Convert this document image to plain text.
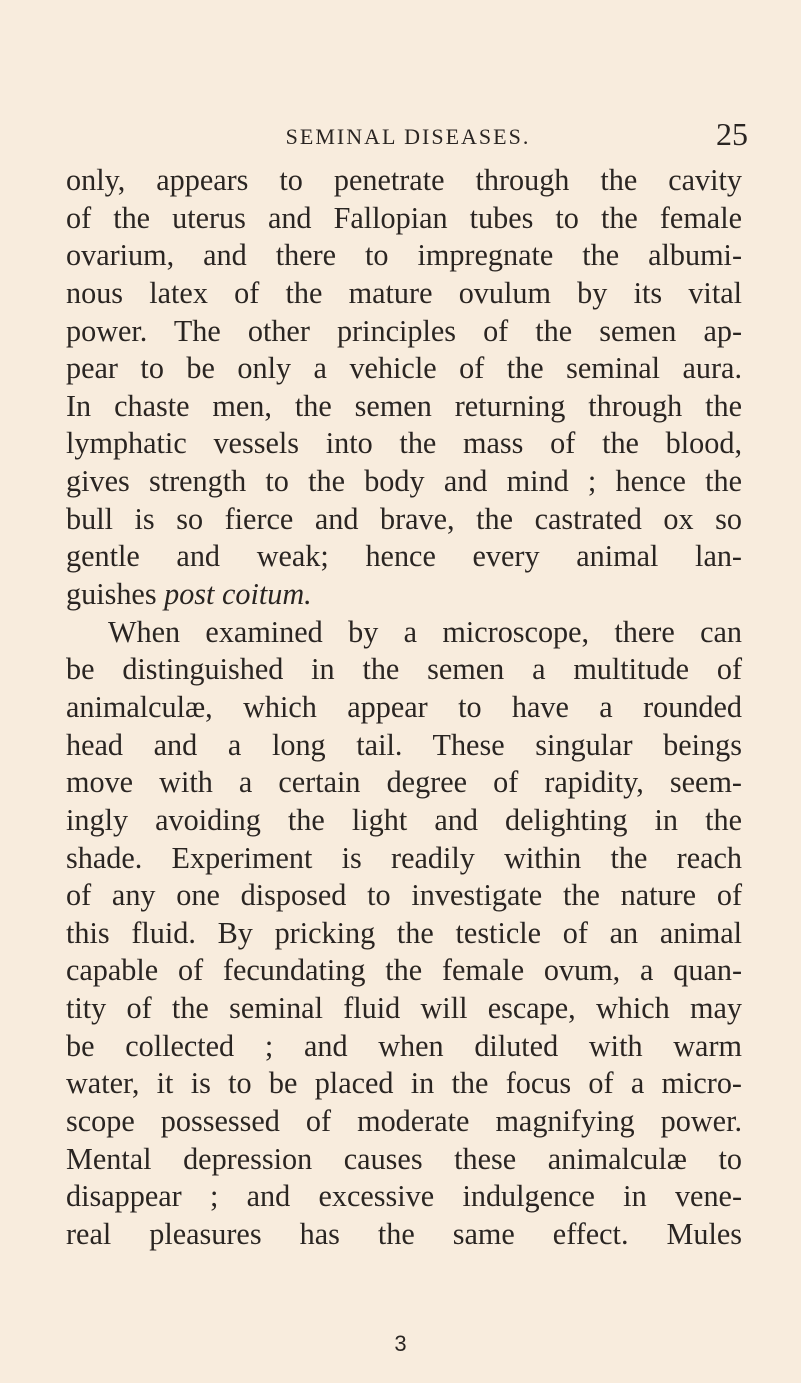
SEMINAL DISEASES.	25
only, appears to penetrate through the cavity
of the uterus and Fallopian tubes to the female
ovarium, and there to impregnate the albumi-
nous latex of the mature ovulum by its vital
power. The other principles of the semen ap-
pear to be only a vehicle of the seminal aura.
In chaste men, the semen returning through the
lymphatic vessels into the mass of the blood,
gives strength to the body and mind ; hence the
bull is so fierce and brave, the castrated ox so
gentle and weak; hence every animal lan-
guishes post coitum.
When examined by a microscope, there can
be distinguished in the semen a multitude of
animalculæ, which appear to have a rounded
head and a long tail. These singular beings
move with a certain degree of rapidity, seem-
ingly avoiding the light and delighting in the
shade. Experiment is readily within the reach
of any one disposed to investigate the nature of
this fluid. By pricking the testicle of an animal
capable of fecundating the female ovum, a quan-
tity of the seminal fluid will escape, which may
be collected ; and when diluted with warm
water, it is to be placed in the focus of a micro-
scope possessed of moderate magnifying power.
Mental depression causes these animalculæ to
disappear ; and excessive indulgence in vene-
real pleasures has the same effect. Mules
3
